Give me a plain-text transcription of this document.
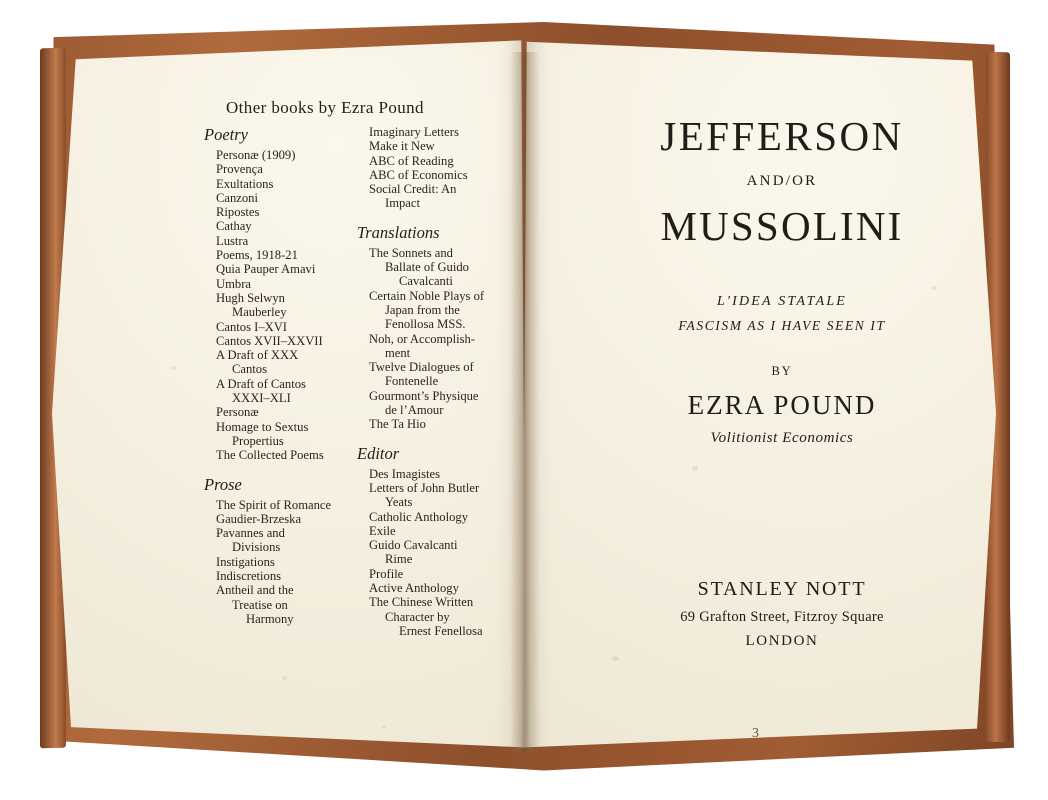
Other books by Ezra Pound
Poetry
Personæ (1909)
Provença
Exultations
Canzoni
Ripostes
Cathay
Lustra
Poems, 1918-21
Quia Pauper Amavi
Umbra
Hugh Selwyn
Mauberley
Cantos I–XVI
Cantos XVII–XXVII
A Draft of XXX
Cantos
A Draft of Cantos
XXXI–XLI
Personæ
Homage to Sextus
Propertius
The Collected Poems
Prose
The Spirit of Romance
Gaudier-Brzeska
Pavannes and
Divisions
Instigations
Indiscretions
Antheil and the
Treatise on
Harmony
Imaginary Letters
Make it New
ABC of Reading
ABC of Economics
Social Credit: An
Impact
Translations
The Sonnets and
Ballate of Guido
Cavalcanti
Certain Noble Plays of
Japan from the
Fenollosa MSS.
Noh, or Accomplish-
ment
Twelve Dialogues of
Fontenelle
Gourmont’s Physique
de l’Amour
The Ta Hio
Editor
Des Imagistes
Letters of John Butler
Yeats
Catholic Anthology
Exile
Guido Cavalcanti
Rime
Profile
Active Anthology
The Chinese Written
Character by
Ernest Fenellosa
JEFFERSON
AND/OR
MUSSOLINI
L'IDEA STATALE
FASCISM AS I HAVE SEEN IT
BY
EZRA POUND
Volitionist Economics
STANLEY NOTT
69 Grafton Street, Fitzroy Square
LONDON
3
